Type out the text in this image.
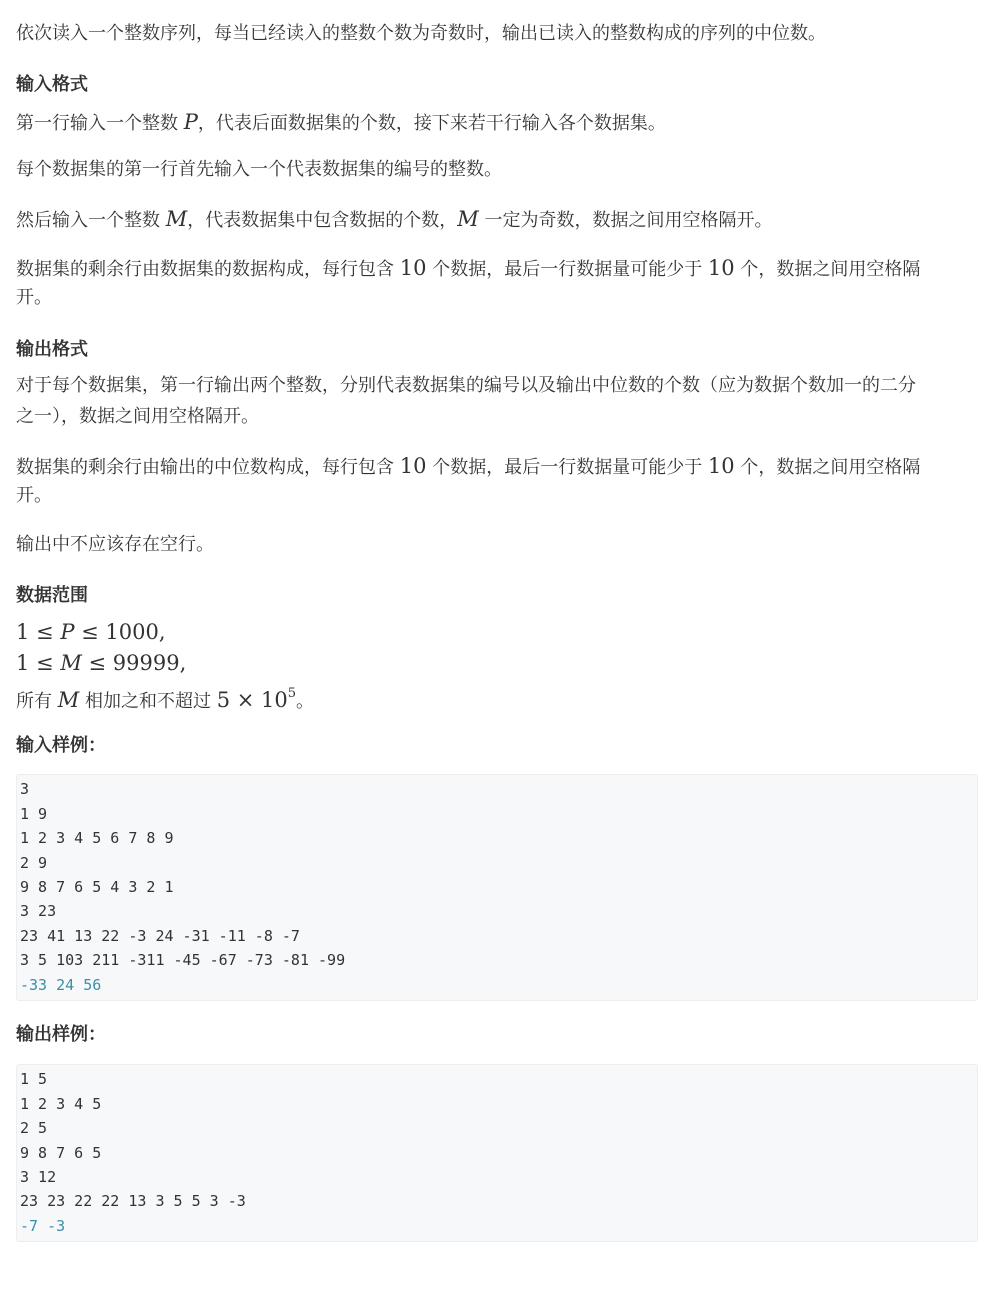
依次读入一个整数序列，每当已经读入的整数个数为奇数时，输出已读入的整数构成的序列的中位数。
输入格式
第一行输入一个整数 P，代表后面数据集的个数，接下来若干行输入各个数据集。
每个数据集的第一行首先输入一个代表数据集的编号的整数。
然后输入一个整数 M，代表数据集中包含数据的个数，M 一定为奇数，数据之间用空格隔开。
数据集的剩余行由数据集的数据构成，每行包含 10 个数据，最后一行数据量可能少于 10 个，数据之间用空格隔
开。
输出格式
对于每个数据集，第一行输出两个整数，分别代表数据集的编号以及输出中位数的个数（应为数据个数加一的二分
之一），数据之间用空格隔开。
数据集的剩余行由输出的中位数构成，每行包含 10 个数据，最后一行数据量可能少于 10 个，数据之间用空格隔
开。
输出中不应该存在空行。
数据范围
1 ≤ P ≤ 1000,
1 ≤ M ≤ 99999,
所有 M 相加之和不超过 $5 \times 10^5$。
输入样例：
3
1 9
1 2 3 4 5 6 7 8 9
2 9
9 8 7 6 5 4 3 2 1
3 23
23 41 13 22 -3 24 -31 -11 -8 -7
3 5 103 211 -311 -45 -67 -73 -81 -99
-33 24 56
输出样例：
1 5
1 2 3 4 5
2 5
9 8 7 6 5
3 12
23 23 22 22 13 3 5 5 3 -3
-7 -3
